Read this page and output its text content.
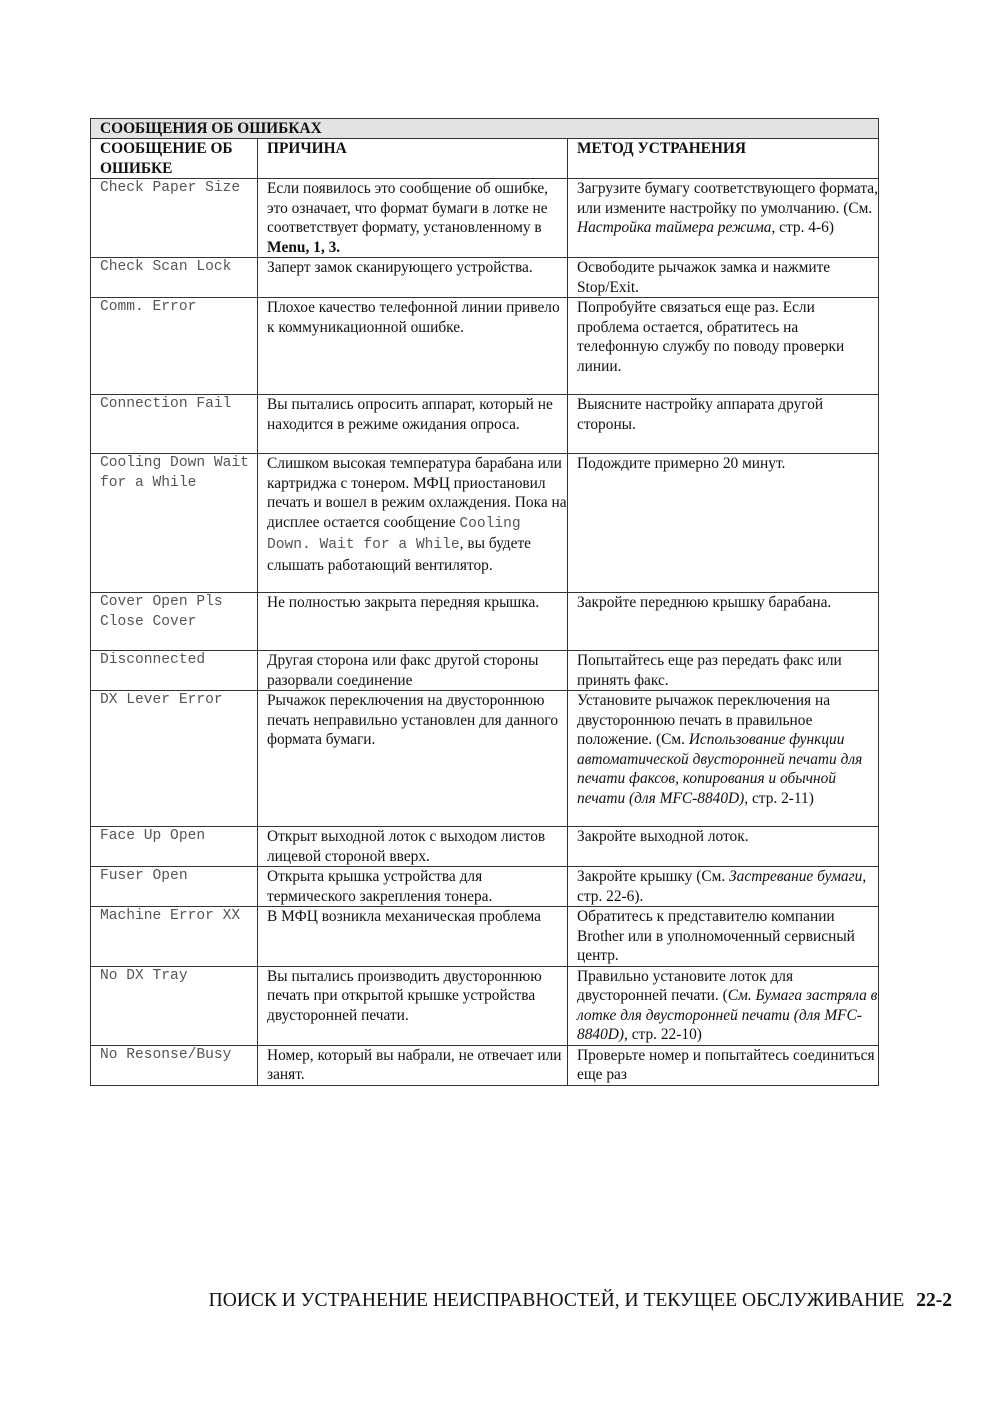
СООБЩЕНИЯ ОБ ОШИБКАХ		
СООБЩЕНИЕ ОБ ОШИБКЕ	ПРИЧИНА	МЕТОД УСТРАНЕНИЯ
Check Paper Size	Если появилось это сообщение об ошибке, это означает, что формат бумаги в лотке не соответствует формату, установленному в Menu, 1, 3.	Загрузите бумагу соответствующего формата, или измените настройку по умолчанию. (См. Настройка таймера режима, стр. 4-6)
Check Scan Lock	Заперт замок сканирующего устройства.	Освободите рычажок замка и нажмите Stop/Exit.
Comm. Error	Плохое качество телефонной линии привело к коммуникационной ошибке.	Попробуйте связаться еще раз. Если проблема остается, обратитесь на телефонную службу по поводу проверки линии.
Connection Fail	Вы пытались опросить аппарат, который не находится в режиме ожидания опроса.	Выясните настройку аппарата другой стороны.
Cooling Down Wait for a While	Слишком высокая температура барабана или картриджа с тонером. МФЦ приостановил печать и вошел в режим охлаждения. Пока на дисплее остается сообщение Cooling Down. Wait for a While, вы будете слышать работающий вентилятор.	Подождите примерно 20 минут.
Cover Open Pls Close Cover	Не полностью закрыта передняя крышка.	Закройте переднюю крышку барабана.
Disconnected	Другая сторона или факс другой стороны разорвали соединение	Попытайтесь еще раз передать факс или принять факс.
DX Lever Error	Рычажок переключения на двустороннюю печать неправильно установлен для данного формата бумаги.	Установите рычажок переключения на двустороннюю печать в правильное положение. (См. Использование функции автоматической двусторонней печати для печати факсов, копирования и обычной печати (для MFC-8840D), стр. 2-11)
Face Up Open	Открыт выходной лоток с выходом листов лицевой стороной вверх.	Закройте выходной лоток.
Fuser Open	Открыта крышка устройства для термического закрепления тонера.	Закройте крышку (См. Застревание бумаги, стр. 22-6).
Machine Error XX	В МФЦ возникла механическая проблема	Обратитесь к представителю компании Brother или в уполномоченный сервисный центр.
No DX Tray	Вы пытались производить двустороннюю печать при открытой крышке устройства двусторонней печати.	Правильно установите лоток для двусторонней печати. (См. Бумага застряла в лотке для двусторонней печати (для MFC-8840D), стр. 22-10)
No Resonse/Busy	Номер, который вы набрали, не отвечает или занят.	Проверьте номер и попытайтесь соединиться еще раз
ПОИСК И УСТРАНЕНИЕ НЕИСПРАВНОСТЕЙ, И ТЕКУЩЕЕ ОБСЛУЖИВАНИЕ 22-2
